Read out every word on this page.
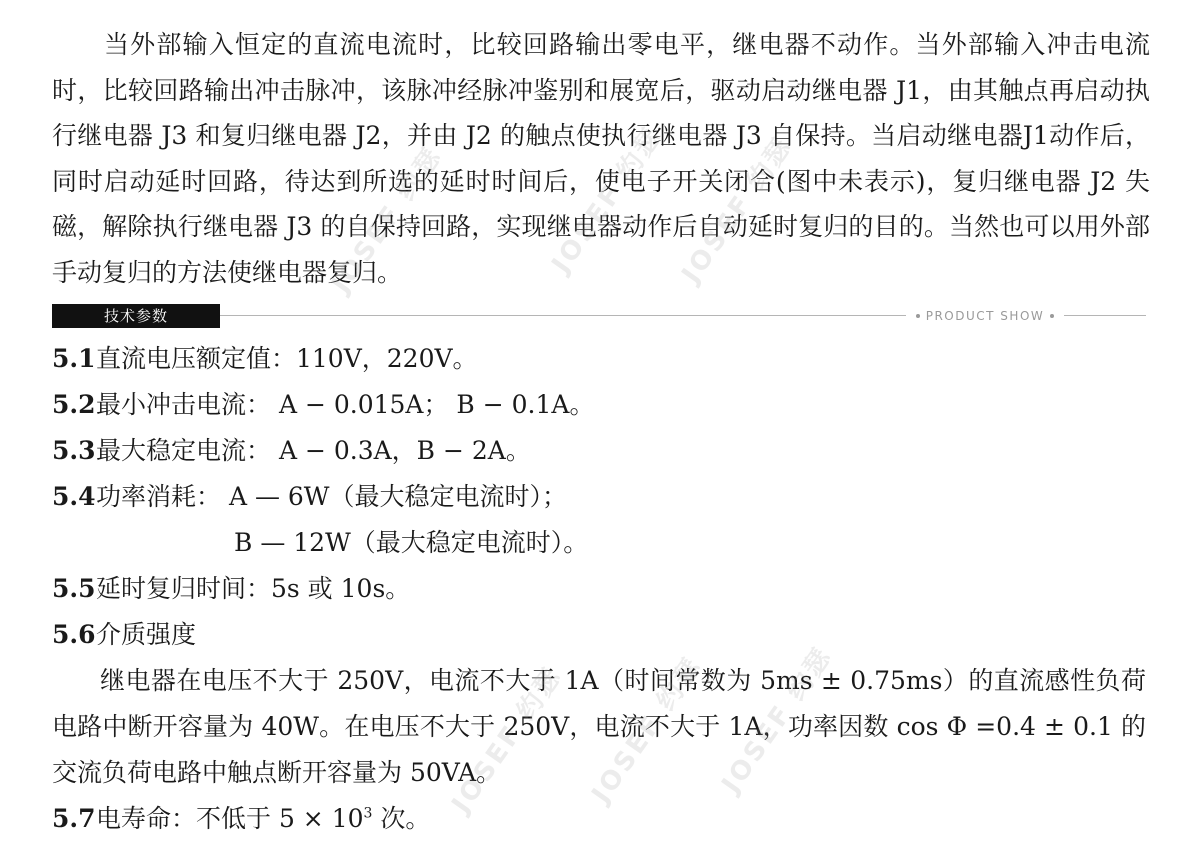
当外部输入恒定的直流电流时，比较回路输出零电平，继电器不动作。当外部输入冲击电流时，比较回路输出冲击脉冲，该脉冲经脉冲鉴别和展宽后，驱动启动继电器 J1，由其触点再启动执行继电器 J3 和复归继电器 J2，并由 J2 的触点使执行继电器 J3 自保持。当启动继电器J1动作后，同时启动延时回路，待达到所选的延时时间后，使电子开关闭合(图中未表示)，复归继电器 J2 失磁，解除执行继电器 J3 的自保持回路，实现继电器动作后自动延时复归的目的。当然也可以用外部手动复归的方法使继电器复归。

技术参数	PRODUCT SHOW
5.1直流电压额定值：110V，220V。
5.2最小冲击电流： A − 0.015A； B − 0.1A。
5.3最大稳定电流： A − 0.3A，B − 2A。
5.4功率消耗： A — 6W（最大稳定电流时）；
B — 12W（最大稳定电流时）。
5.5延时复归时间：5s 或 10s。
5.6介质强度

继电器在电压不大于 250V，电流不大于 1A（时间常数为 5ms ± 0.75ms）的直流感性负荷电路中断开容量为 40W。在电压不大于 250V，电流不大于 1A，功率因数 cos Φ =0.4 ± 0.1 的交流负荷电路中触点断开容量为 50VA。

5.7电寿命：不低于 $5 \times 10^3$ 次。
JOSEF 约瑟	JOSEF 约瑟 JOSEF 约瑟
JOSEF 约瑟 JOSEF 约瑟 JOSEF 约瑟
